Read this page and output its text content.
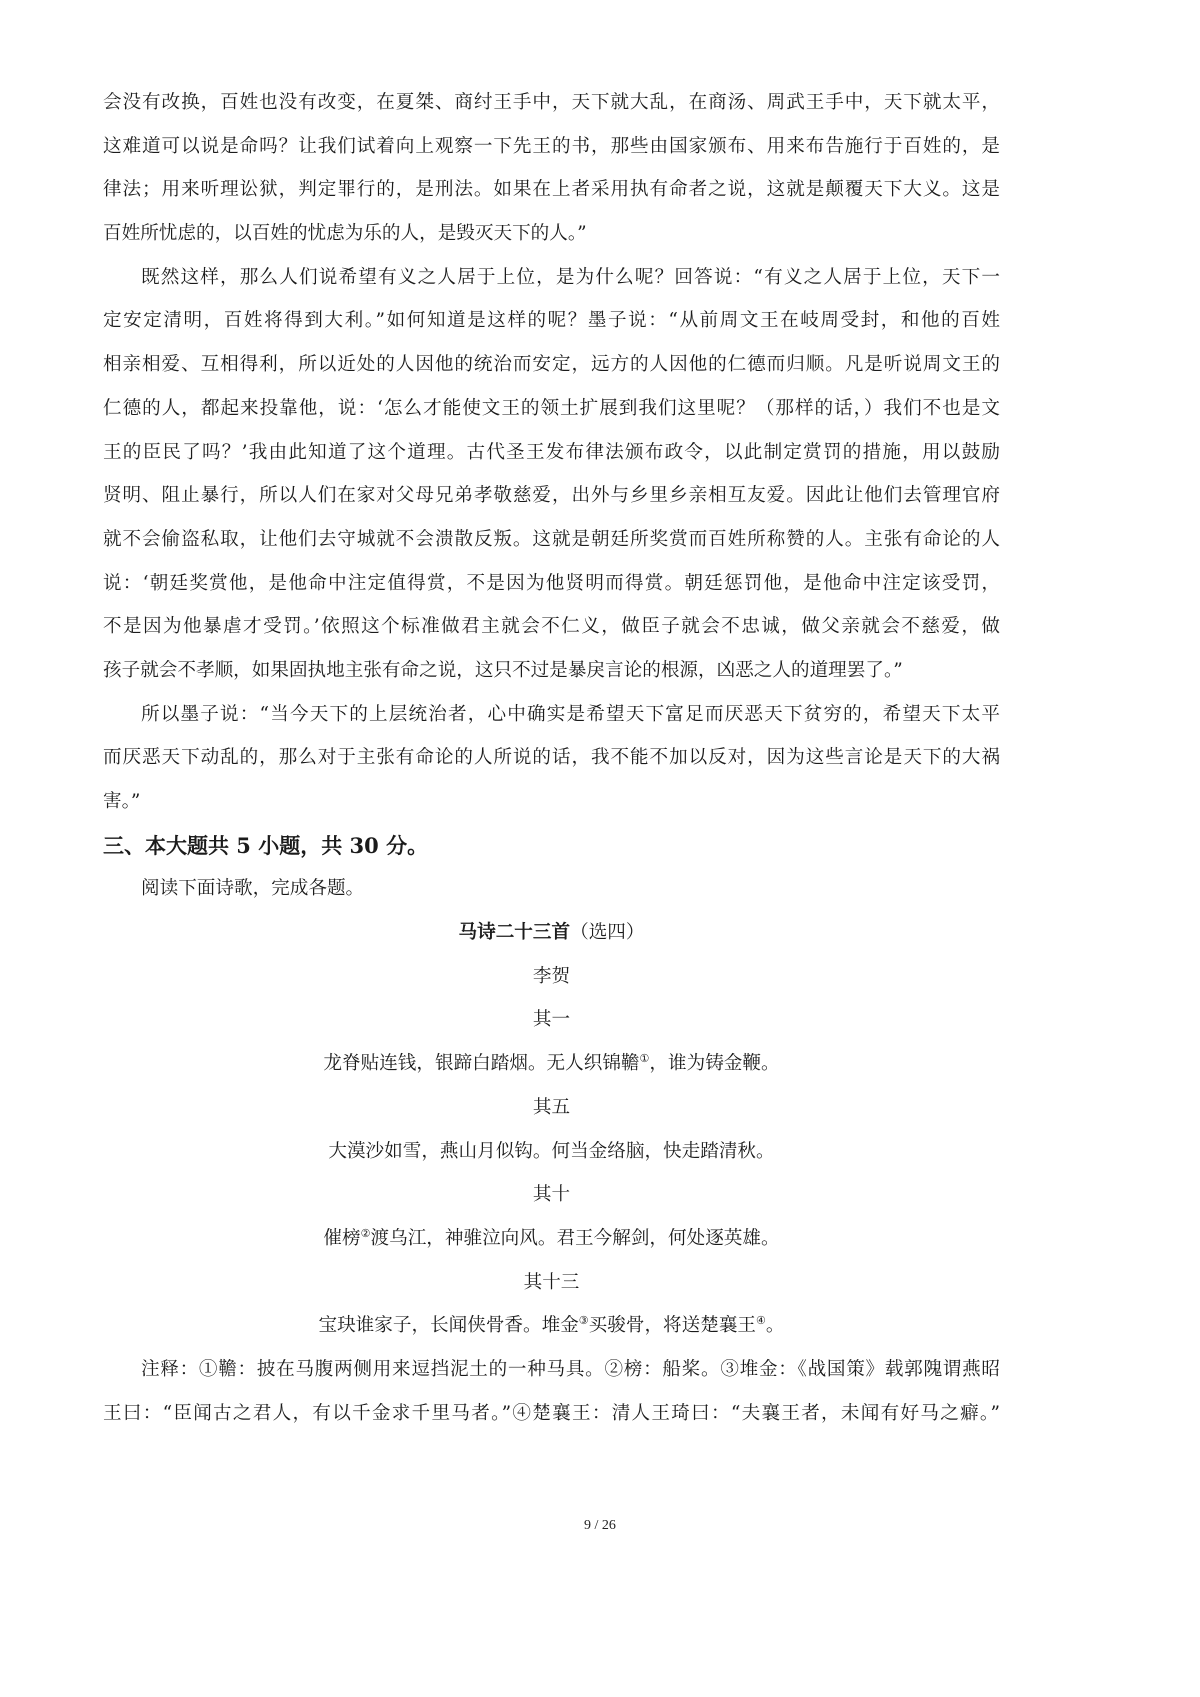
会没有改换，百姓也没有改变，在夏桀、商纣王手中，天下就大乱，在商汤、周武王手中，天下就太平，
这难道可以说是命吗？让我们试着向上观察一下先王的书，那些由国家颁布、用来布告施行于百姓的，是
律法；用来听理讼狱，判定罪行的，是刑法。如果在上者采用执有命者之说，这就是颠覆天下大义。这是
百姓所忧虑的，以百姓的忧虑为乐的人，是毁灭天下的人。”
既然这样，那么人们说希望有义之人居于上位，是为什么呢？回答说：“有义之人居于上位，天下一
定安定清明，百姓将得到大利。”如何知道是这样的呢？墨子说：“从前周文王在岐周受封，和他的百姓
相亲相爱、互相得利，所以近处的人因他的统治而安定，远方的人因他的仁德而归顺。凡是听说周文王的
仁德的人，都起来投靠他，说：‘怎么才能使文王的领土扩展到我们这里呢？（那样的话，）我们不也是文
王的臣民了吗？’我由此知道了这个道理。古代圣王发布律法颁布政令，以此制定赏罚的措施，用以鼓励
贤明、阻止暴行，所以人们在家对父母兄弟孝敬慈爱，出外与乡里乡亲相互友爱。因此让他们去管理官府
就不会偷盗私取，让他们去守城就不会溃散反叛。这就是朝廷所奖赏而百姓所称赞的人。主张有命论的人
说：‘朝廷奖赏他，是他命中注定值得赏，不是因为他贤明而得赏。朝廷惩罚他，是他命中注定该受罚，
不是因为他暴虐才受罚。’依照这个标准做君主就会不仁义，做臣子就会不忠诚，做父亲就会不慈爱，做
孩子就会不孝顺，如果固执地主张有命之说，这只不过是暴戾言论的根源，凶恶之人的道理罢了。”
所以墨子说：“当今天下的上层统治者，心中确实是希望天下富足而厌恶天下贫穷的，希望天下太平
而厌恶天下动乱的，那么对于主张有命论的人所说的话，我不能不加以反对，因为这些言论是天下的大祸
害。”
三、本大题共 5 小题，共 30 分。
阅读下面诗歌，完成各题。
马诗二十三首（选四）
李贺
其一
龙脊贴连钱，银蹄白踏烟。无人织锦韂①，谁为铸金鞭。
其五
大漠沙如雪，燕山月似钩。何当金络脑，快走踏清秋。
其十
催榜②渡乌江，神骓泣向风。君王今解剑，何处逐英雄。
其十三
宝玦谁家子，长闻侠骨香。堆金③买骏骨，将送楚襄王④。
注释：①韂：披在马腹两侧用来逗挡泥土的一种马具。②榜：船桨。③堆金：《战国策》载郭隗谓燕昭
王曰：“臣闻古之君人，有以千金求千里马者。”④楚襄王：清人王琦曰：“夫襄王者，未闻有好马之癖。”
9 / 26
